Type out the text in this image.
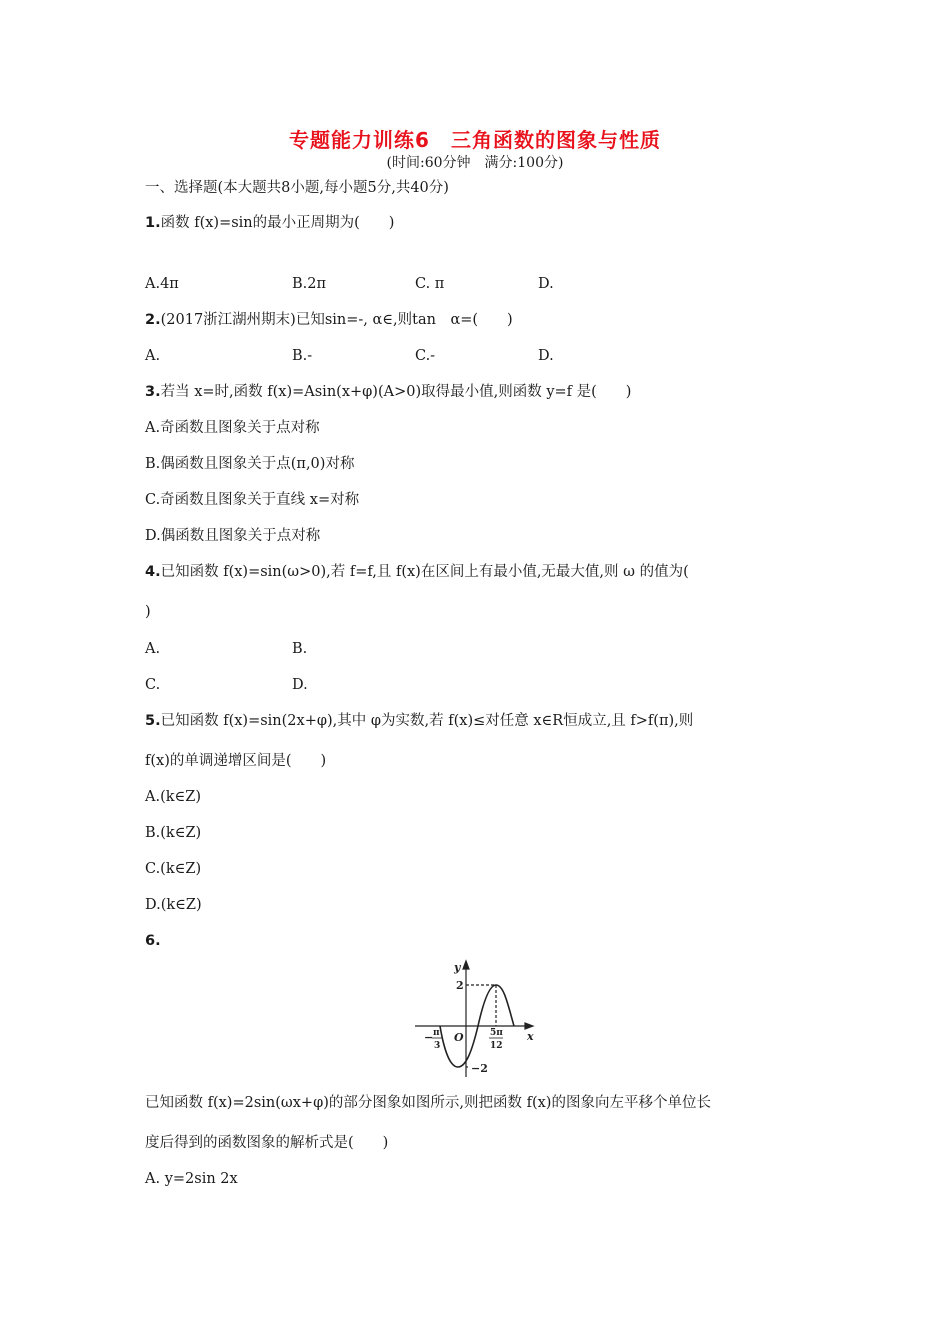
专题能力训练6　三角函数的图象与性质
(时间:60分钟　满分:100分)
一、选择题(本大题共8小题,每小题5分,共40分)
1.函数 f(x)=sin的最小正周期为(　　)
A.4π	B.2π	C. π	D.
2.(2017浙江湖州期末)已知sin=-, α∈,则tan　α=(　　)
A.	B.-	C.-	D.
3.若当 x=时,函数 f(x)=Asin(x+φ)(A>0)取得最小值,则函数 y=f 是(　　)
A.奇函数且图象关于点对称
B.偶函数且图象关于点(π,0)对称
C.奇函数且图象关于直线 x=对称
D.偶函数且图象关于点对称
4.已知函数 f(x)=sin(ω>0),若 f=f,且 f(x)在区间上有最小值,无最大值,则 ω 的值为(
)
A.	B.
C.	D.
5.已知函数 f(x)=sin(2x+φ),其中 φ为实数,若 f(x)≤对任意 x∈R恒成立,且 f>f(π),则
f(x)的单调递增区间是(　　)
A.(k∈Z)
B.(k∈Z)
C.(k∈Z)
D.(k∈Z)
6.
y
x
O
2
−2
− π
3
5π
12
已知函数 f(x)=2sin(ωx+φ)的部分图象如图所示,则把函数 f(x)的图象向左平移个单位长
度后得到的函数图象的解析式是(　　)
A. y=2sin 2x
